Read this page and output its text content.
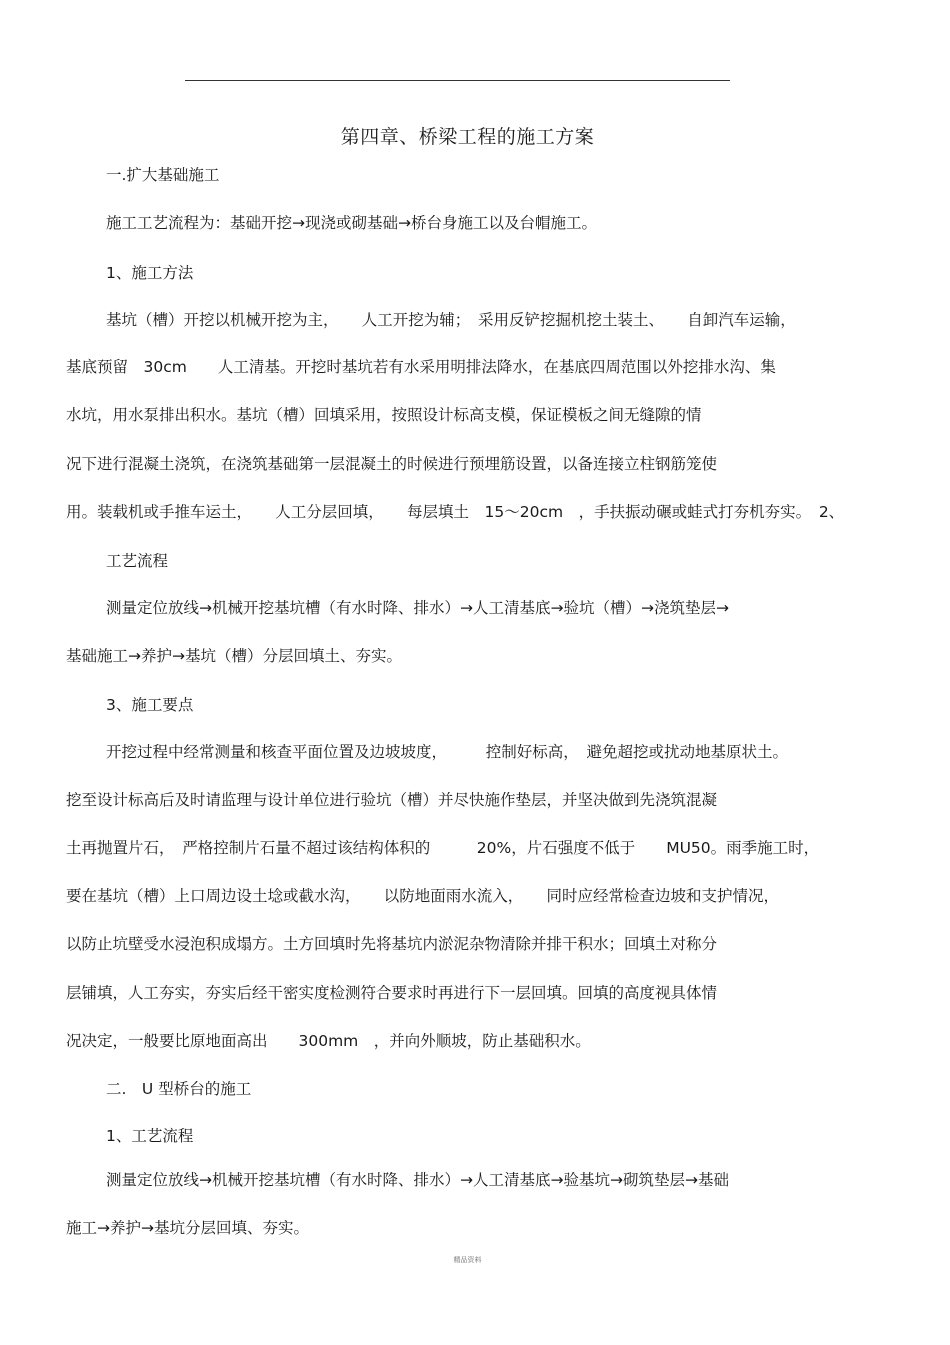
第四章、桥梁工程的施工方案
一.扩大基础施工
施工工艺流程为：基础开挖→现浇或砌基础→桥台身施工以及台帽施工。
1、施工方法
基坑（槽）开挖以机械开挖为主，　　人工开挖为辅；　采用反铲挖掘机挖土装土、　　自卸汽车运输，
基底预留　30cm　　人工清基。开挖时基坑若有水采用明排法降水，在基底四周范围以外挖排水沟、集
水坑，用水泵排出积水。基坑（槽）回填采用，按照设计标高支模，保证模板之间无缝隙的情
况下进行混凝土浇筑，在浇筑基础第一层混凝土的时候进行预埋筋设置，以备连接立柱钢筋笼使
用。装载机或手推车运土，　　人工分层回填，　　每层填土　15～20cm　，手扶振动碾或蛙式打夯机夯实。　2、
工艺流程
测量定位放线→机械开挖基坑槽（有水时降、排水）→人工清基底→验坑（槽）→浇筑垫层→
基础施工→养护→基坑（槽）分层回填土、夯实。
3、施工要点
开挖过程中经常测量和核查平面位置及边坡坡度，　　　控制好标高，　避免超挖或扰动地基原状土。
挖至设计标高后及时请监理与设计单位进行验坑（槽）并尽快施作垫层，并坚决做到先浇筑混凝
土再抛置片石，　严格控制片石量不超过该结构体积的　　　20%，片石强度不低于　　MU50。雨季施工时，
要在基坑（槽）上口周边设土埝或截水沟，　　以防地面雨水流入，　　同时应经常检查边坡和支护情况，
以防止坑壁受水浸泡积成塌方。土方回填时先将基坑内淤泥杂物清除并排干积水；回填土对称分
层铺填，人工夯实，夯实后经干密实度检测符合要求时再进行下一层回填。回填的高度视具体情
况决定，一般要比原地面高出　　300mm　，并向外顺坡，防止基础积水。
二.　U 型桥台的施工
1、工艺流程
测量定位放线→机械开挖基坑槽（有水时降、排水）→人工清基底→验基坑→砌筑垫层→基础
施工→养护→基坑分层回填、夯实。
精品资料
